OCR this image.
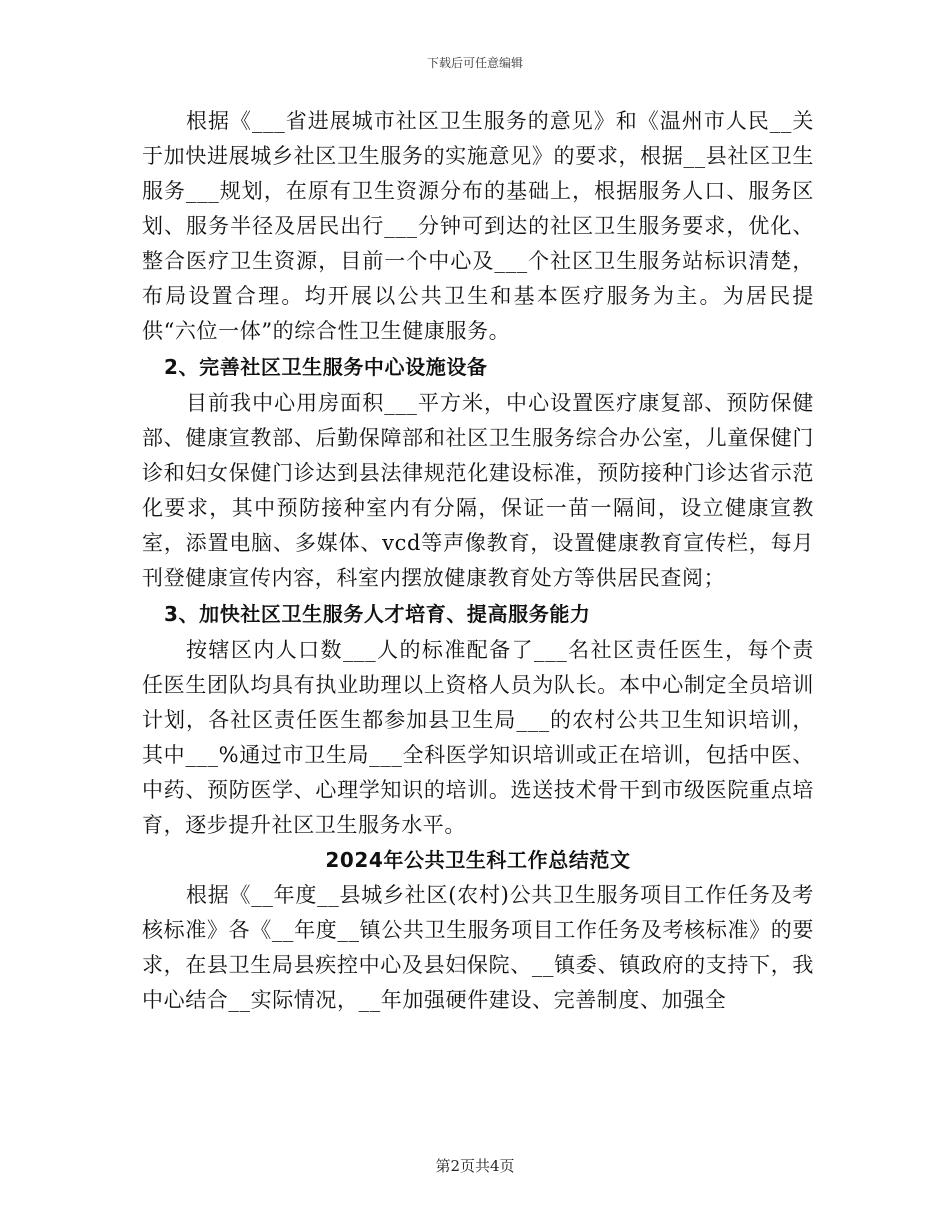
下载后可任意编辑

根据《___省进展城市社区卫生服务的意见》和《温州市人民__关于加快进展城乡社区卫生服务的实施意见》的要求，根据__县社区卫生服务___规划，在原有卫生资源分布的基础上，根据服务人口、服务区划、服务半径及居民出行___分钟可到达的社区卫生服务要求，优化、整合医疗卫生资源，目前一个中心及___个社区卫生服务站标识清楚，布局设置合理。均开展以公共卫生和基本医疗服务为主。为居民提供“六位一体”的综合性卫生健康服务。

2、完善社区卫生服务中心设施设备

目前我中心用房面积___平方米，中心设置医疗康复部、预防保健部、健康宣教部、后勤保障部和社区卫生服务综合办公室，儿童保健门诊和妇女保健门诊达到县法律规范化建设标准，预防接种门诊达省示范化要求，其中预防接种室内有分隔，保证一苗一隔间，设立健康宣教室，添置电脑、多媒体、vcd等声像教育，设置健康教育宣传栏，每月刊登健康宣传内容，科室内摆放健康教育处方等供居民查阅；

3、加快社区卫生服务人才培育、提高服务能力

按辖区内人口数___人的标准配备了___名社区责任医生，每个责任医生团队均具有执业助理以上资格人员为队长。本中心制定全员培训计划，各社区责任医生都参加县卫生局___的农村公共卫生知识培训，其中___%通过市卫生局___全科医学知识培训或正在培训，包括中医、中药、预防医学、心理学知识的培训。选送技术骨干到市级医院重点培育，逐步提升社区卫生服务水平。

2024年公共卫生科工作总结范文

根据《__年度__县城乡社区(农村)公共卫生服务项目工作任务及考核标准》各《__年度__镇公共卫生服务项目工作任务及考核标准》的要求，在县卫生局县疾控中心及县妇保院、__镇委、镇政府的支持下，我中心结合__实际情况，__年加强硬件建设、完善制度、加强全

第2页共4页
